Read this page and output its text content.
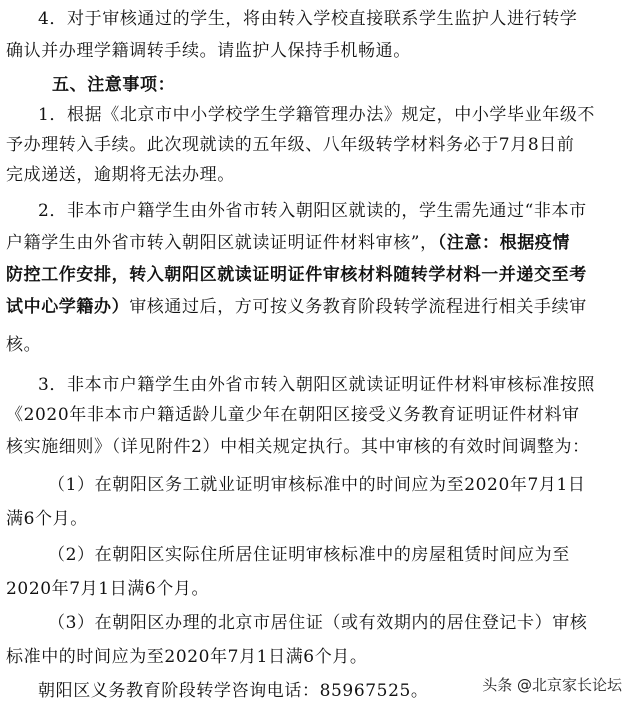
4．对于审核通过的学生，将由转入学校直接联系学生监护人进行转学
确认并办理学籍调转手续。请监护人保持手机畅通。
五、注意事项：
1．根据《北京市中小学校学生学籍管理办法》规定，中小学毕业年级不
予办理转入手续。此次现就读的五年级、八年级转学材料务必于7月8日前
完成递送，逾期将无法办理。
2．非本市户籍学生由外省市转入朝阳区就读的，学生需先通过“非本市
户籍学生由外省市转入朝阳区就读证明证件材料审核”，（注意：根据疫情
防控工作安排，转入朝阳区就读证明证件审核材料随转学材料一并递交至考
试中心学籍办）审核通过后，方可按义务教育阶段转学流程进行相关手续审
核。
3．非本市户籍学生由外省市转入朝阳区就读证明证件材料审核标准按照
《2020年非本市户籍适龄儿童少年在朝阳区接受义务教育证明证件材料审
核实施细则》（详见附件2）中相关规定执行。其中审核的有效时间调整为：
（1）在朝阳区务工就业证明审核标准中的时间应为至2020年7月1日
满6个月。
（2）在朝阳区实际住所居住证明审核标准中的房屋租赁时间应为至
2020年7月1日满6个月。
（3）在朝阳区办理的北京市居住证（或有效期内的居住登记卡）审核
标准中的时间应为至2020年7月1日满6个月。
朝阳区义务教育阶段转学咨询电话：85967525。	头条 @北京家长论坛
